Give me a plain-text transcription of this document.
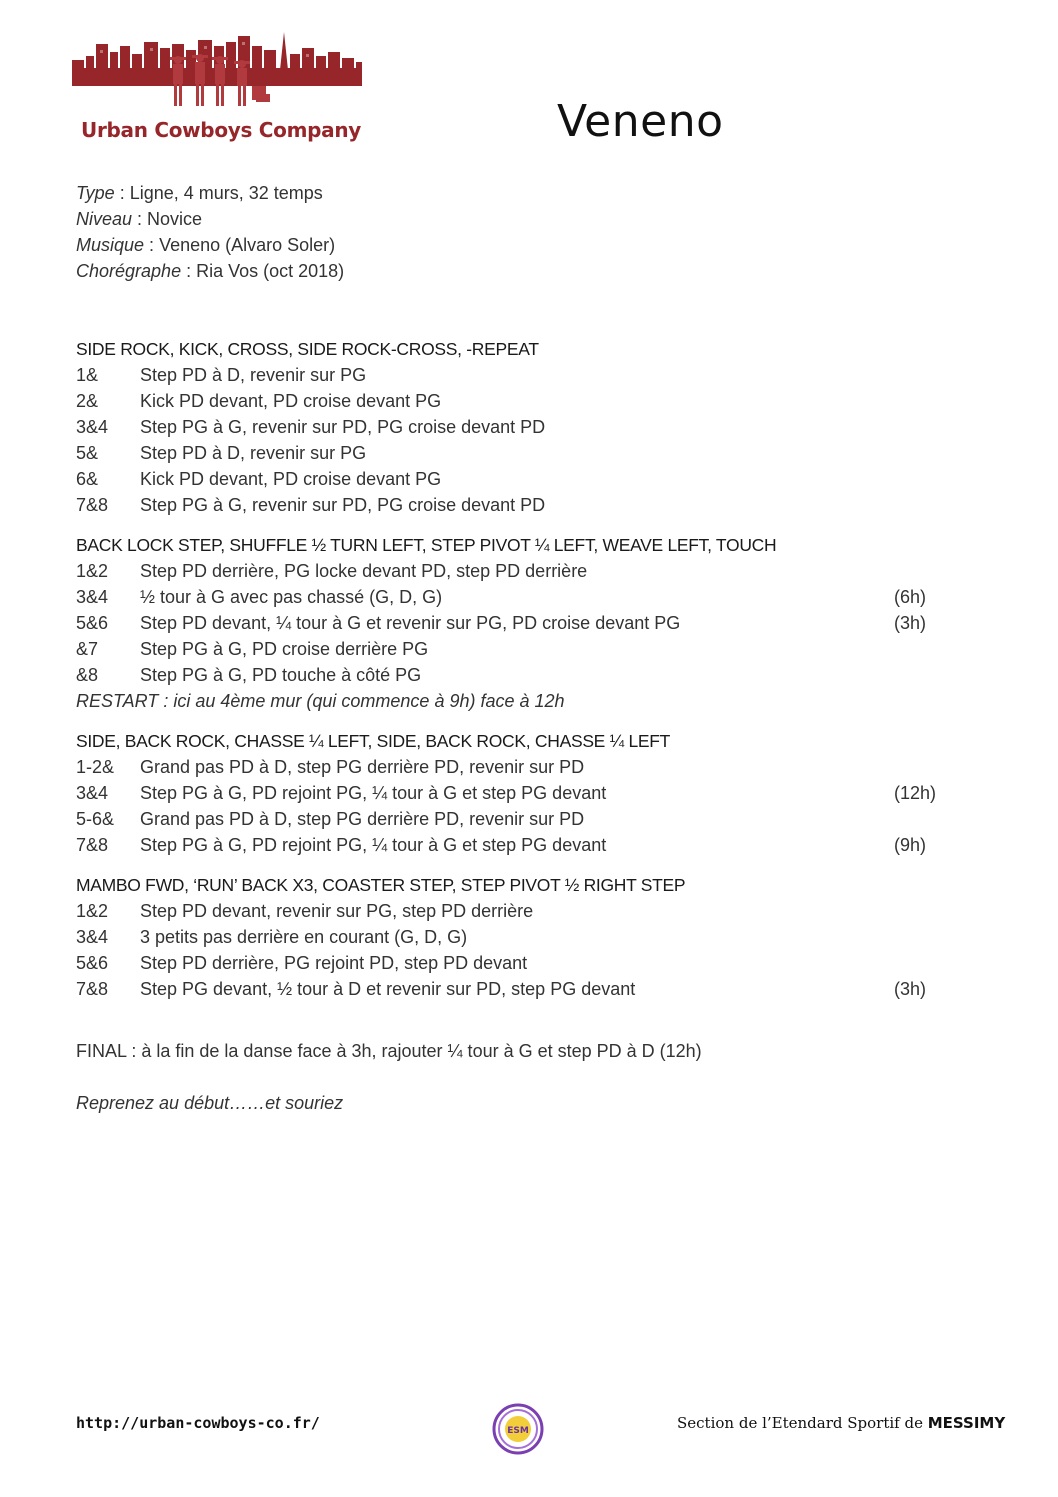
Urban Cowboys Company	Veneno
Type : Ligne, 4 murs, 32 temps
Niveau : Novice
Musique : Veneno (Alvaro Soler)
Chorégraphe : Ria Vos (oct 2018)
SIDE ROCK, KICK, CROSS, SIDE ROCK-CROSS, -REPEAT
1& Step PD à D, revenir sur PG
2& Kick PD devant, PD croise devant PG
3&4 Step PG à G, revenir sur PD, PG croise devant PD
5& Step PD à D, revenir sur PG
6& Kick PD devant, PD croise devant PG
7&8 Step PG à G, revenir sur PD, PG croise devant PD
BACK LOCK STEP, SHUFFLE ½ TURN LEFT, STEP PIVOT ¼ LEFT, WEAVE LEFT, TOUCH
1&2 Step PD derrière, PG locke devant PD, step PD derrière
3&4 ½ tour à G avec pas chassé (G, D, G)	(6h)
5&6 Step PD devant, ¼ tour à G et revenir sur PG, PD croise devant PG	(3h)
&7 Step PG à G, PD croise derrière PG
&8 Step PG à G, PD touche à côté PG
RESTART : ici au 4ème mur (qui commence à 9h) face à 12h
SIDE, BACK ROCK, CHASSE ¼ LEFT, SIDE, BACK ROCK, CHASSE ¼ LEFT
1-2& Grand pas PD à D, step PG derrière PD, revenir sur PD
3&4 Step PG à G, PD rejoint PG, ¼ tour à G et step PG devant	(12h)
5-6& Grand pas PD à D, step PG derrière PD, revenir sur PD
7&8 Step PG à G, PD rejoint PG, ¼ tour à G et step PG devant	(9h)
MAMBO FWD, ‘RUN’ BACK X3, COASTER STEP, STEP PIVOT ½ RIGHT STEP
1&2 Step PD devant, revenir sur PG, step PD derrière
3&4 3 petits pas derrière en courant (G, D, G)
5&6 Step PD derrière, PG rejoint PD, step PD devant
7&8 Step PG devant, ½ tour à D et revenir sur PD, step PG devant	(3h)
FINAL : à la fin de la danse face à 3h, rajouter ¼ tour à G et step PD à D (12h)
Reprenez au début……et souriez
http://urban-cowboys-co.fr/	ESM	Section de l’Etendard Sportif de MESSIMY
